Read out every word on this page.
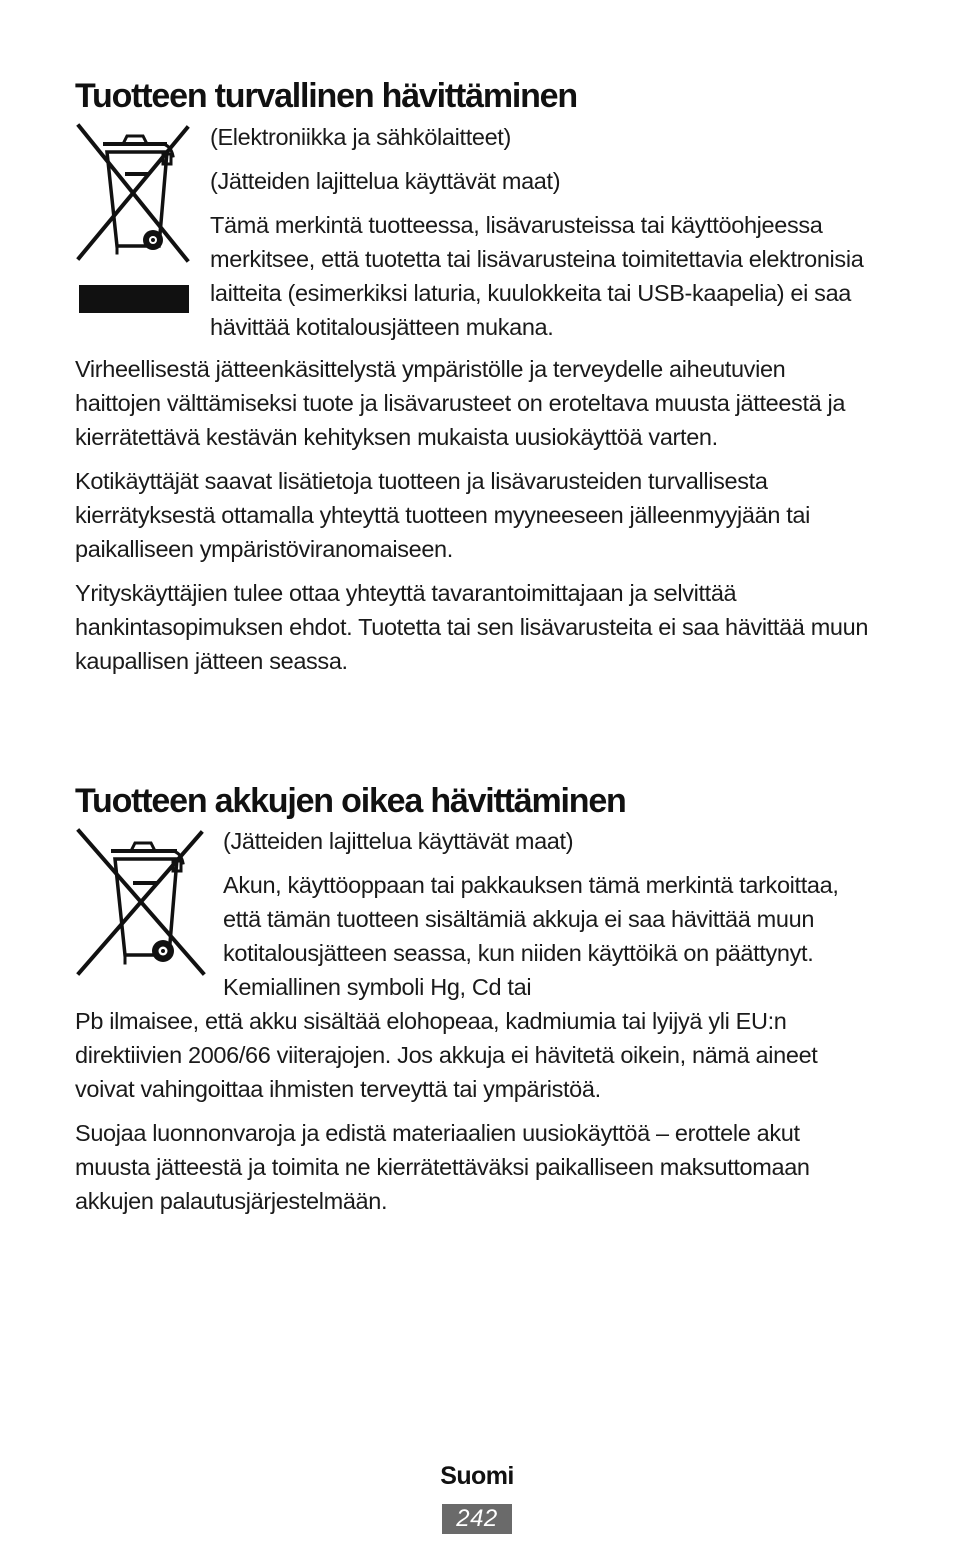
Tuotteen turvallinen hävittäminen

(Elektroniikka ja sähkölaitteet)

(Jätteiden lajittelua käyttävät maat)

Tämä merkintä tuotteessa, lisävarusteissa tai käyttöohjeessa merkitsee, että tuotetta tai lisävarusteina toimitettavia elektronisia laitteita (esimerkiksi laturia, kuulokkeita tai USB-kaapelia) ei saa hävittää kotitalousjätteen mukana.

Virheellisestä jätteenkäsittelystä ympäristölle ja terveydelle aiheutuvien haittojen välttämiseksi tuote ja lisävarusteet on eroteltava muusta jätteestä ja kierrätettävä kestävän kehityksen mukaista uusiokäyttöä varten.

Kotikäyttäjät saavat lisätietoja tuotteen ja lisävarusteiden turvallisesta kierrätyksestä ottamalla yhteyttä tuotteen myyneeseen jälleenmyyjään tai paikalliseen ympäristöviranomaiseen.

Yrityskäyttäjien tulee ottaa yhteyttä tavarantoimittajaan ja selvittää hankintasopimuksen ehdot. Tuotetta tai sen lisävarusteita ei saa hävittää muun kaupallisen jätteen seassa.

Tuotteen akkujen oikea hävittäminen

(Jätteiden lajittelua käyttävät maat)

Akun, käyttöoppaan tai pakkauksen tämä merkintä tarkoittaa, että tämän tuotteen sisältämiä akkuja ei saa hävittää muun kotitalousjätteen seassa, kun niiden käyttöikä on päättynyt. Kemiallinen symboli Hg, Cd tai

Pb ilmaisee, että akku sisältää elohopeaa, kadmiumia tai lyijyä yli EU:n direktiivien 2006/66 viiterajojen. Jos akkuja ei hävitetä oikein, nämä aineet voivat vahingoittaa ihmisten terveyttä tai ympäristöä.

Suojaa luonnonvaroja ja edistä materiaalien uusiokäyttöä – erottele akut muusta jätteestä ja toimita ne kierrätettäväksi paikalliseen maksuttomaan akkujen palautusjärjestelmään.

Suomi
242
